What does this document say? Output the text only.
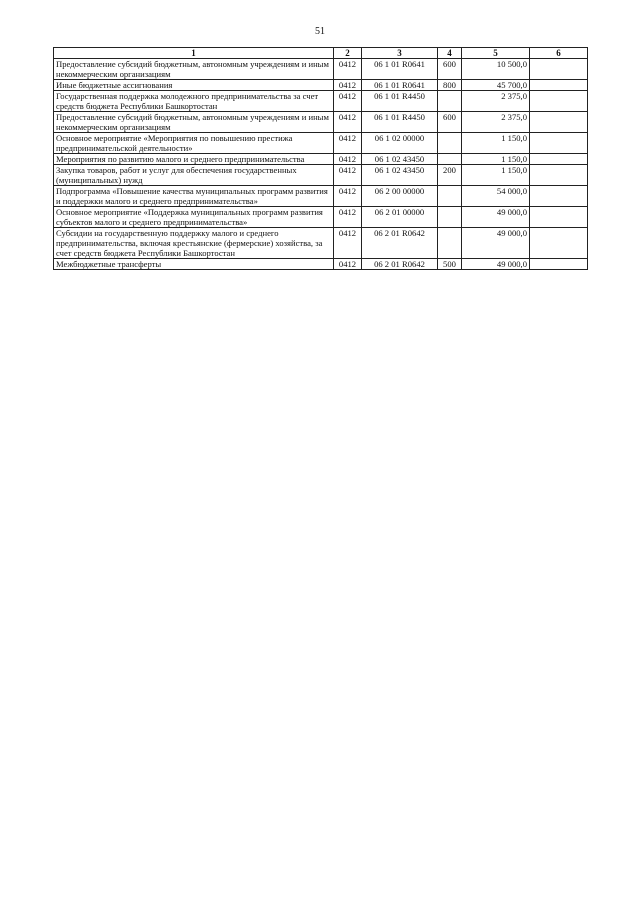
51
1	2	3	4	5	6
Предоставление субсидий бюджетным, автономным учреждениям и иным некоммерческим организациям	0412	06 1 01 R0641	600	10 500,0	
Иные бюджетные ассигнования	0412	06 1 01 R0641	800	45 700,0	
Государственная поддержка молодежного предпринимательства за счет средств бюджета Республики Башкортостан	0412	06 1 01 R4450		2 375,0	
Предоставление субсидий бюджетным, автономным учреждениям и иным некоммерческим организациям	0412	06 1 01 R4450	600	2 375,0	
Основное мероприятие «Мероприятия по повышению престижа предпринимательской деятельности»	0412	06 1 02 00000		1 150,0	
Мероприятия по развитию малого и среднего предпринимательства	0412	06 1 02 43450		1 150,0	
Закупка товаров, работ и услуг для обеспечения государственных (муниципальных) нужд	0412	06 1 02 43450	200	1 150,0	
Подпрограмма «Повышение качества муниципальных программ развития и поддержки малого и среднего предпринимательства»	0412	06 2 00 00000		54 000,0	
Основное мероприятие «Поддержка муниципальных программ развития субъектов малого и среднего предпринимательства»	0412	06 2 01 00000		49 000,0	
Субсидии на государственную поддержку малого и среднего предпринимательства, включая крестьянские (фермерские) хозяйства, за счет средств бюджета Республики Башкортостан	0412	06 2 01 R0642		49 000,0	
Межбюджетные трансферты	0412	06 2 01 R0642	500	49 000,0	
